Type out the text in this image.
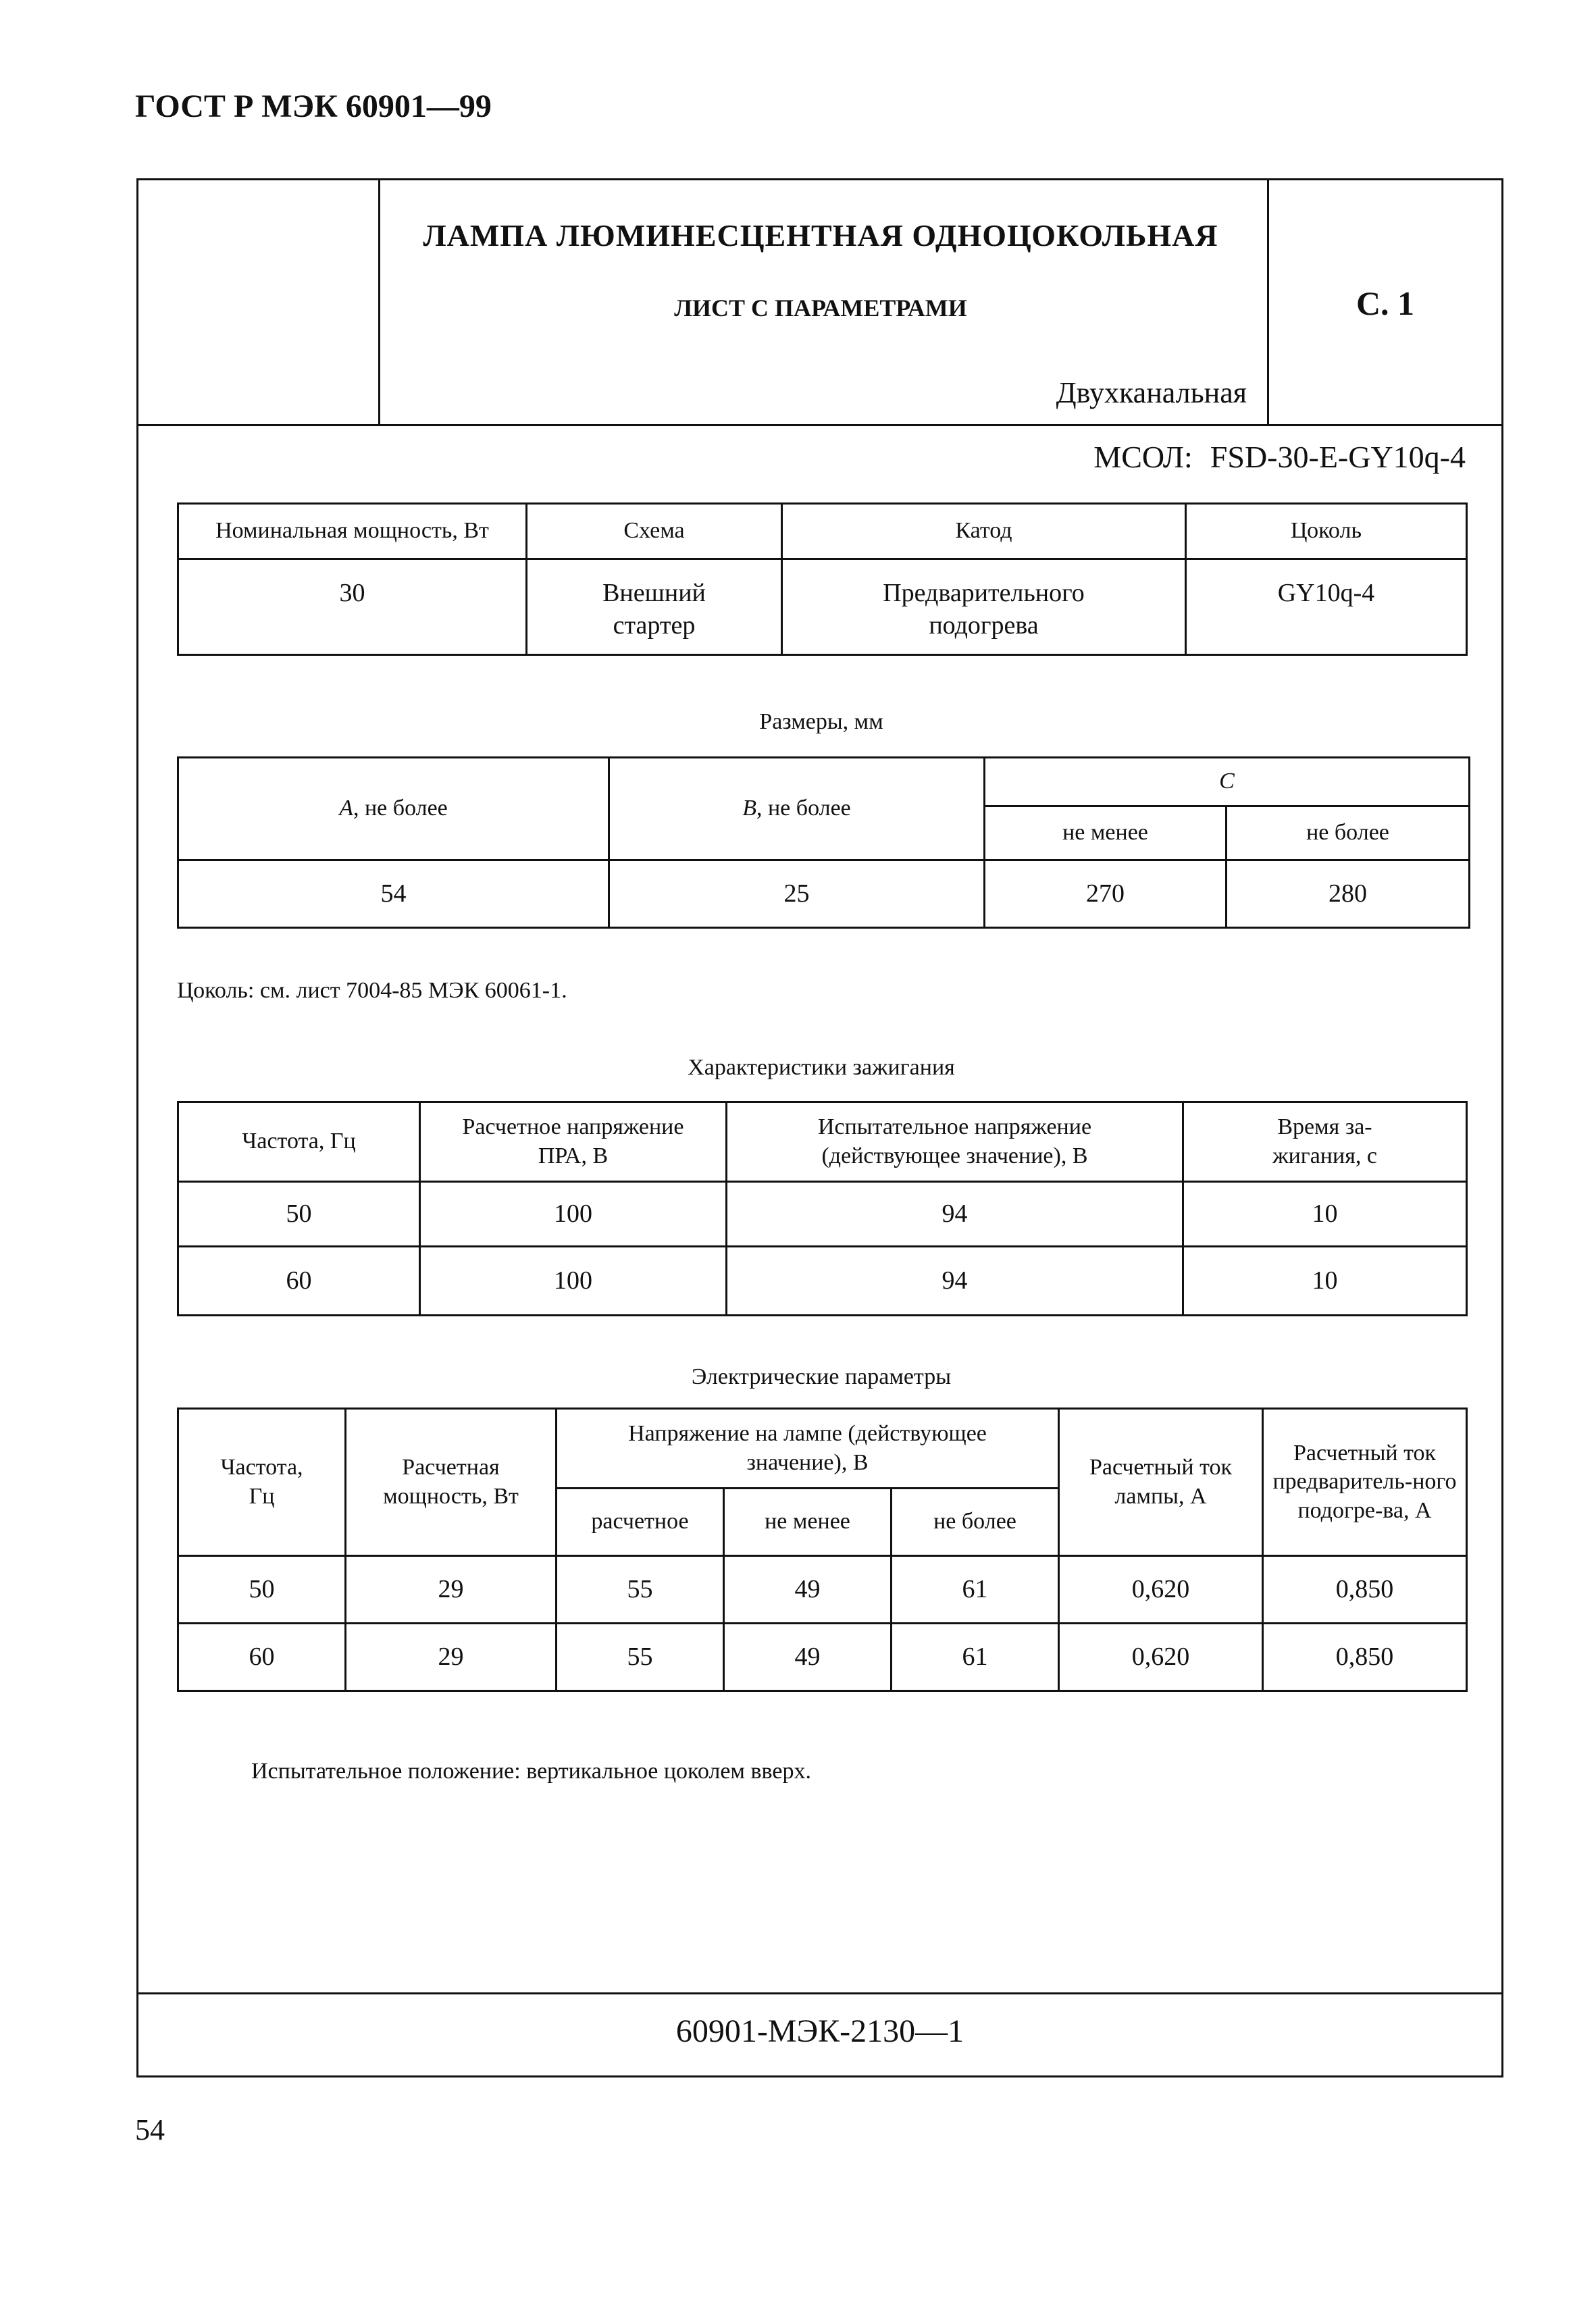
ГОСТ Р МЭК 60901—99
ЛАМПА ЛЮМИНЕСЦЕНТНАЯ ОДНОЦОКОЛЬНАЯ
ЛИСТ С ПАРАМЕТРАМИ	С. 1
Двухканальная
МСОЛ: FSD-30-E-GY10q-4
Номинальная мощность, Вт	Схема	Катод	Цоколь
30	Внешний стартер	Предварительного подогрева	GY10q-4
Размеры, мм
A, не более	B, не более	C	
		не менее	не более
54	25	270	280
Цоколь: см. лист 7004-85 МЭК 60061-1.
Характеристики зажигания
Частота, Гц	Расчетное напряжение ПРА, В	Испытательное напряжение (действующее значение), В	Время за-жигания, с
50	100	94	10
60	100	94	10
Электрические параметры
Частота, Гц	Расчетная мощность, Вт	Напряжение на лампе (действующее значение), В			Расчетный ток лампы, А	Расчетный ток предваритель-ного подогре-ва, А
		расчетное	не менее	не более		
50	29	55	49	61	0,620	0,850
60	29	55	49	61	0,620	0,850
Испытательное положение: вертикальное цоколем вверх.
60901-МЭК-2130—1
54
